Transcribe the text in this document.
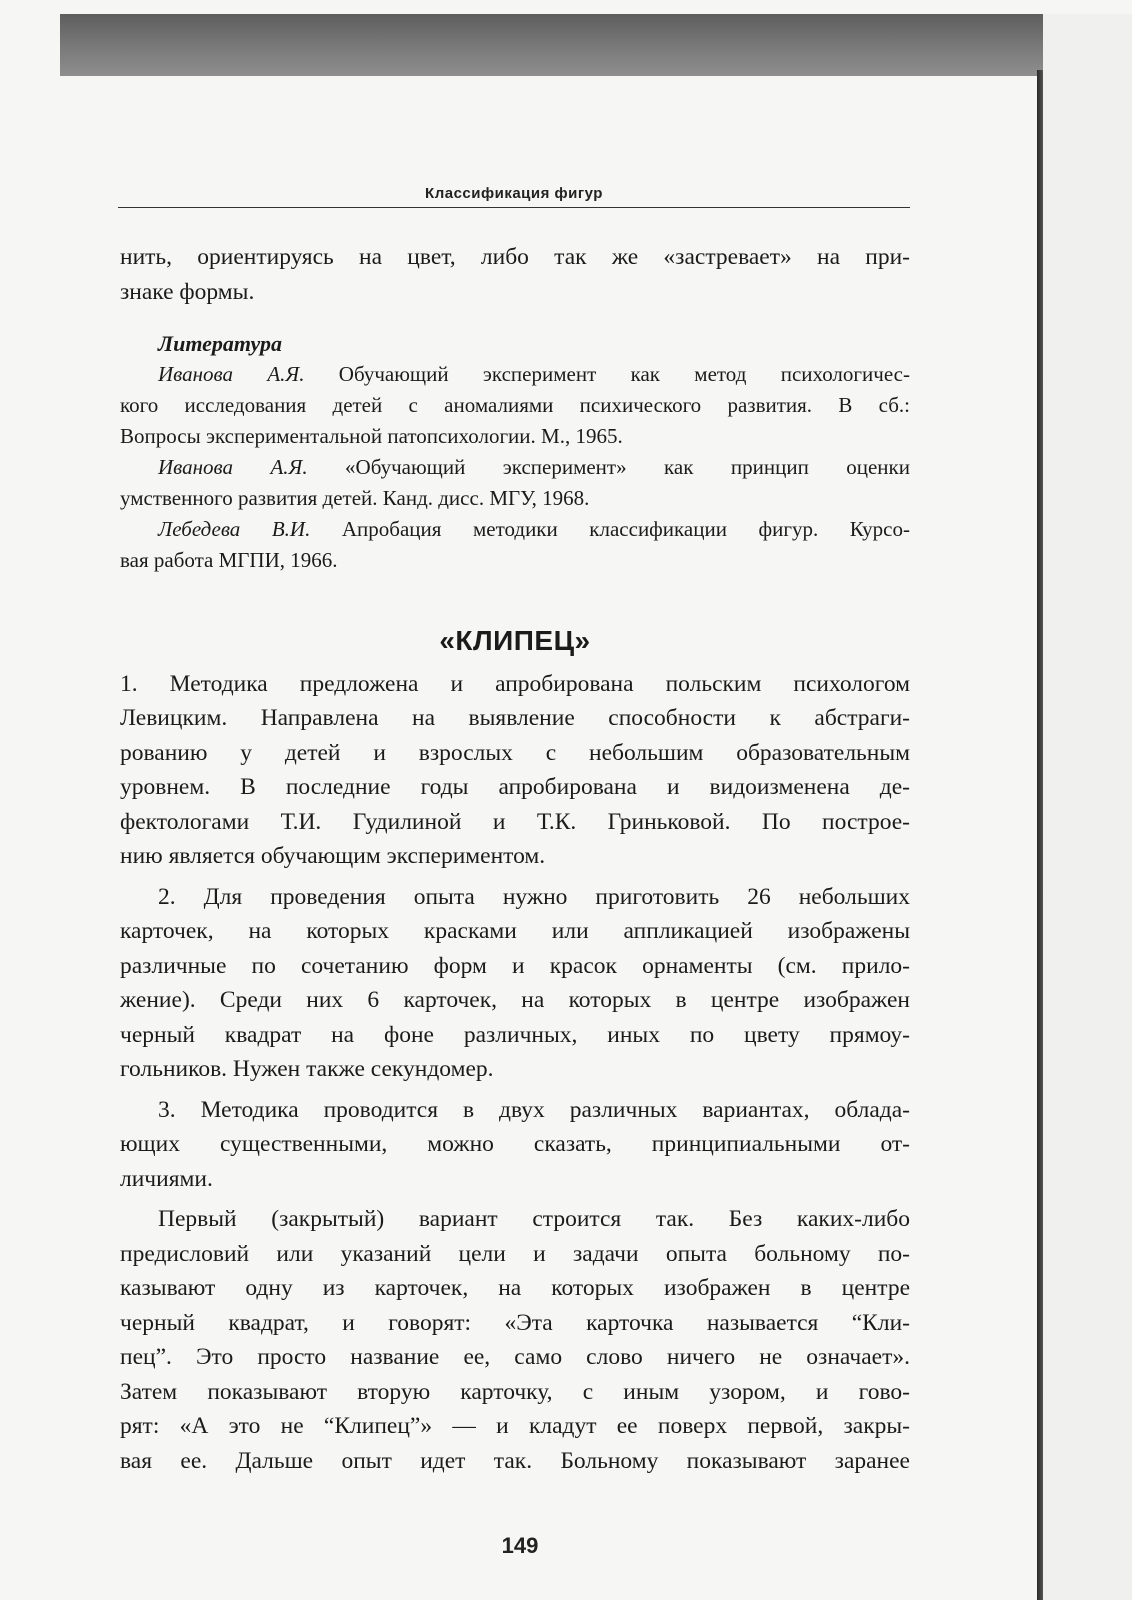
Классификация фигур

нить, ориентируясь на цвет, либо так же «застревает» на при-
знаке формы.

Литература

Иванова А.Я. Обучающий эксперимент как метод психологичес-
кого исследования детей с аномалиями психического развития. В сб.:
Вопросы экспериментальной патопсихологии. М., 1965.

Иванова А.Я. «Обучающий эксперимент» как принцип оценки
умственного развития детей. Канд. дисс. МГУ, 1968.

Лебедева В.И. Апробация методики классификации фигур. Курсо-
вая работа МГПИ, 1966.

«КЛИПЕЦ»

1. Методика предложена и апробирована польским психологом
Левицким. Направлена на выявление способности к абстраги-
рованию у детей и взрослых с небольшим образовательным
уровнем. В последние годы апробирована и видоизменена де-
фектологами Т.И. Гудилиной и Т.К. Гриньковой. По построе-
нию является обучающим экспериментом.

2. Для проведения опыта нужно приготовить 26 небольших
карточек, на которых красками или аппликацией изображены
различные по сочетанию форм и красок орнаменты (см. прило-
жение). Среди них 6 карточек, на которых в центре изображен
черный квадрат на фоне различных, иных по цвету прямоу-
гольников. Нужен также секундомер.

3. Методика проводится в двух различных вариантах, облада-
ющих существенными, можно сказать, принципиальными от-
личиями.

Первый (закрытый) вариант строится так. Без каких-либо
предисловий или указаний цели и задачи опыта больному по-
казывают одну из карточек, на которых изображен в центре
черный квадрат, и говорят: «Эта карточка называется “Кли-
пец”. Это просто название ее, само слово ничего не означает».
Затем показывают вторую карточку, с иным узором, и гово-
рят: «А это не “Клипец”» — и кладут ее поверх первой, закры-
вая ее. Дальше опыт идет так. Больному показывают заранее

149
